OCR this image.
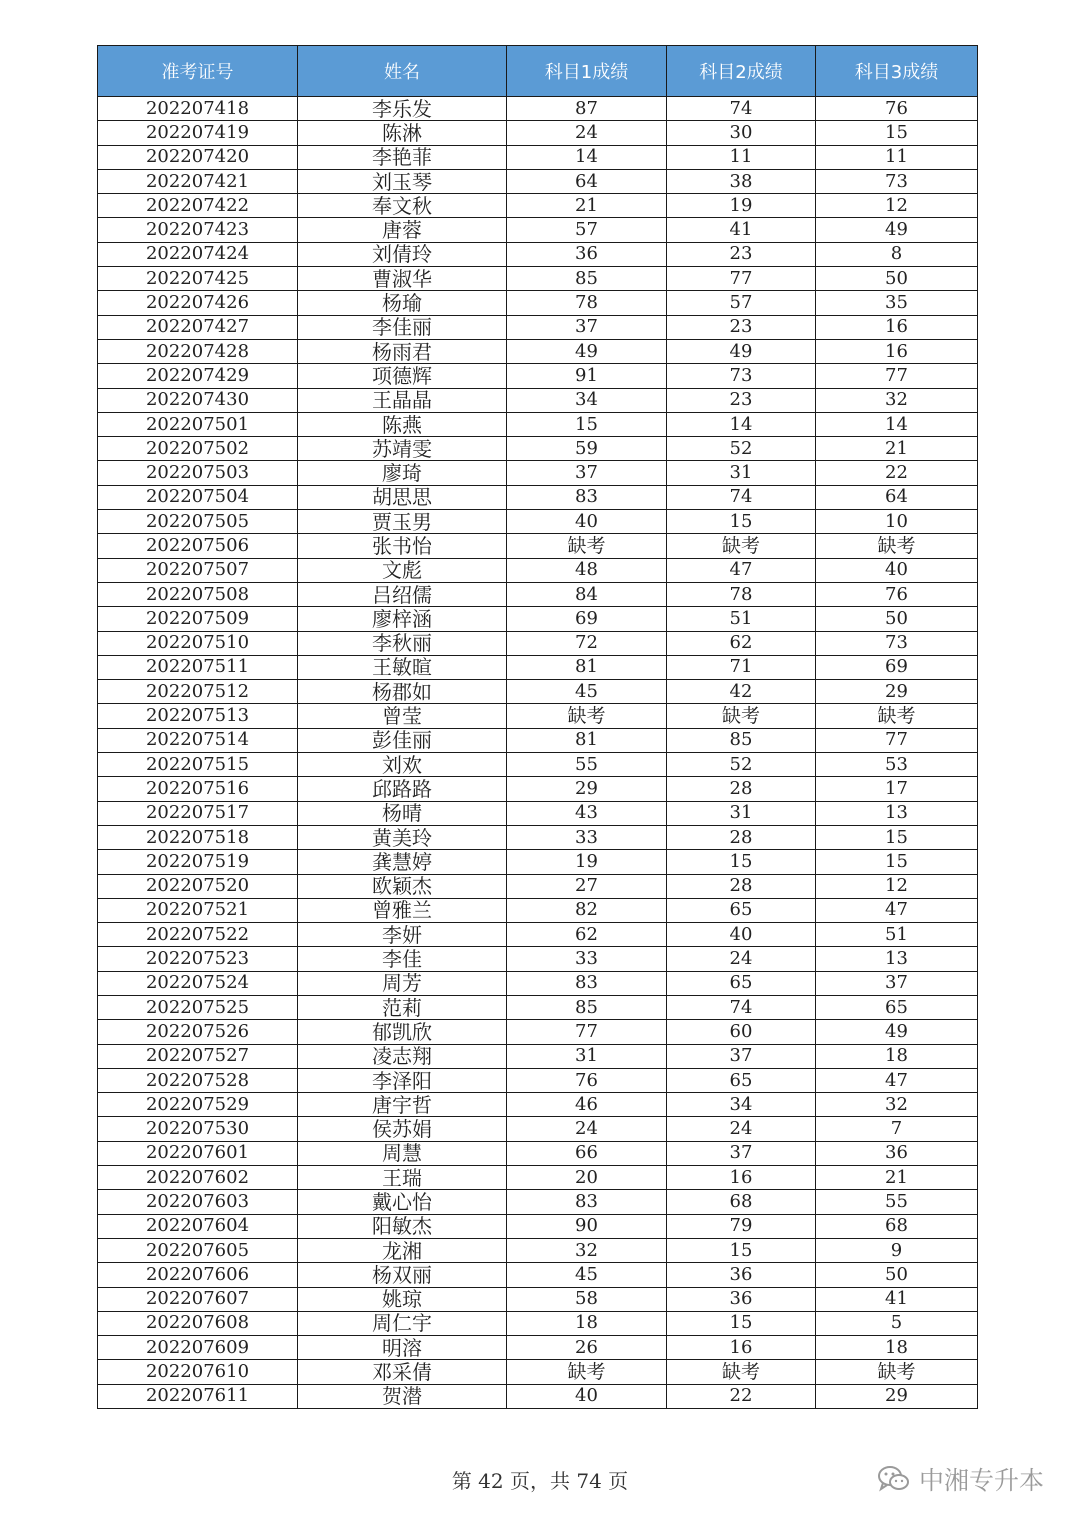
准考证号	姓名	科目1成绩	科目2成绩	科目3成绩
202207418	李乐发	87	74	76
202207419	陈淋	24	30	15
202207420	李艳菲	14	11	11
202207421	刘玉琴	64	38	73
202207422	奉文秋	21	19	12
202207423	唐蓉	57	41	49
202207424	刘倩玲	36	23	8
202207425	曹淑华	85	77	50
202207426	杨瑜	78	57	35
202207427	李佳丽	37	23	16
202207428	杨雨君	49	49	16
202207429	项德辉	91	73	77
202207430	王晶晶	34	23	32
202207501	陈燕	15	14	14
202207502	苏靖雯	59	52	21
202207503	廖琦	37	31	22
202207504	胡思思	83	74	64
202207505	贾玉男	40	15	10
202207506	张书怡	缺考	缺考	缺考
202207507	文彪	48	47	40
202207508	吕绍儒	84	78	76
202207509	廖梓涵	69	51	50
202207510	李秋丽	72	62	73
202207511	王敏暄	81	71	69
202207512	杨郡如	45	42	29
202207513	曾莹	缺考	缺考	缺考
202207514	彭佳丽	81	85	77
202207515	刘欢	55	52	53
202207516	邱路路	29	28	17
202207517	杨晴	43	31	13
202207518	黄美玲	33	28	15
202207519	龚慧婷	19	15	15
202207520	欧颖杰	27	28	12
202207521	曾雅兰	82	65	47
202207522	李妍	62	40	51
202207523	李佳	33	24	13
202207524	周芳	83	65	37
202207525	范莉	85	74	65
202207526	郁凯欣	77	60	49
202207527	凌志翔	31	37	18
202207528	李泽阳	76	65	47
202207529	唐宇哲	46	34	32
202207530	侯苏娟	24	24	7
202207601	周慧	66	37	36
202207602	王瑞	20	16	21
202207603	戴心怡	83	68	55
202207604	阳敏杰	90	79	68
202207605	龙湘	32	15	9
202207606	杨双丽	45	36	50
202207607	姚琼	58	36	41
202207608	周仁宇	18	15	5
202207609	明溶	26	16	18
202207610	邓采倩	缺考	缺考	缺考
202207611	贺潜	40	22	29
第 42 页，共 74 页	中湘专升本
